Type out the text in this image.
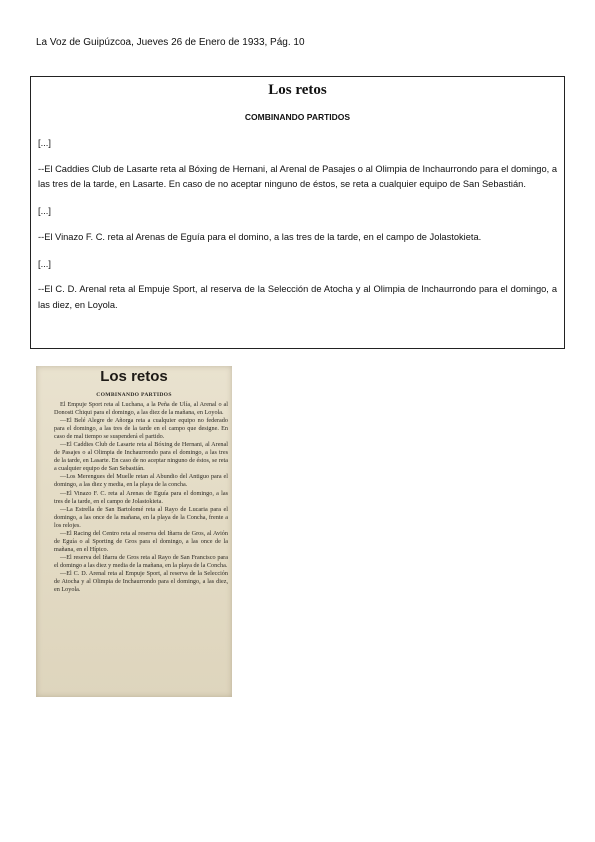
La Voz de Guipúzcoa, Jueves 26 de Enero de 1933, Pág. 10
Los retos
COMBINANDO PARTIDOS

[...]

--El Caddies Club de Lasarte reta al Bóxing de Hernani, al Arenal de Pasajes o al Olimpia de Inchaurrondo para el domingo, a las tres de la tarde, en Lasarte. En caso de no aceptar ninguno de éstos, se reta a cualquier equipo de San Sebastián.

[...]

--El Vinazo F. C. reta al Arenas de Eguía para el domino, a las tres de la tarde, en el campo de Jolastokieta.

[...]

--El C. D. Arenal reta al Empuje Sport, al reserva de la Selección de Atocha y al Olimpia de Inchaurrondo para el domingo, a las diez, en Loyola.

Los retos
COMBINANDO PARTIDOS

El Empuje Sport reta al Luchana, a la Peña de Ulía, al Arenal o al Donosti Chiqui para el domingo, a las diez de la mañana, en Loyola.

—El Belé Alegre de Añorga reta a cualquier equipo no federado para el domingo, a las tres de la tarde en el campo que designe. En caso de mal tiempo se suspenderá el partido.

—El Caddies Club de Lasarte reta al Bóxing de Hernani, al Arenal de Pasajes o al Olimpia de Inchaurrondo para el domingo, a las tres de la tarde, en Lasarte. En caso de no aceptar ninguno de éstos, se reta a cualquier equipo de San Sebastián.

—Los Merengues del Muelle retan al Abundio del Antiguo para el domingo, a las diez y media, en la playa de la concha.

—El Vinazo F. C. reta al Arenas de Eguía para el domingo, a las tres de la tarde, en el campo de Jolastokieta.

—La Estrella de San Bartolomé reta al Rayo de Lucaria para el domingo, a las once de la mañana, en la playa de la Concha, frente a los relojes.

—El Racing del Centro reta al reserva del Iñarra de Gros, al Avión de Eguía o al Sporting de Gros para el domingo, a las once de la mañana, en el Hípico.

—El reserva del Iñarra de Gros reta al Rayo de San Francisco para el domingo a las diez y media de la mañana, en la playa de la Concha.

—El C. D. Arenal reta al Empuje Sport, al reserva de la Selección de Atocha y al Olimpia de Inchaurrondo para el domingo, a las diez, en Loyola.
